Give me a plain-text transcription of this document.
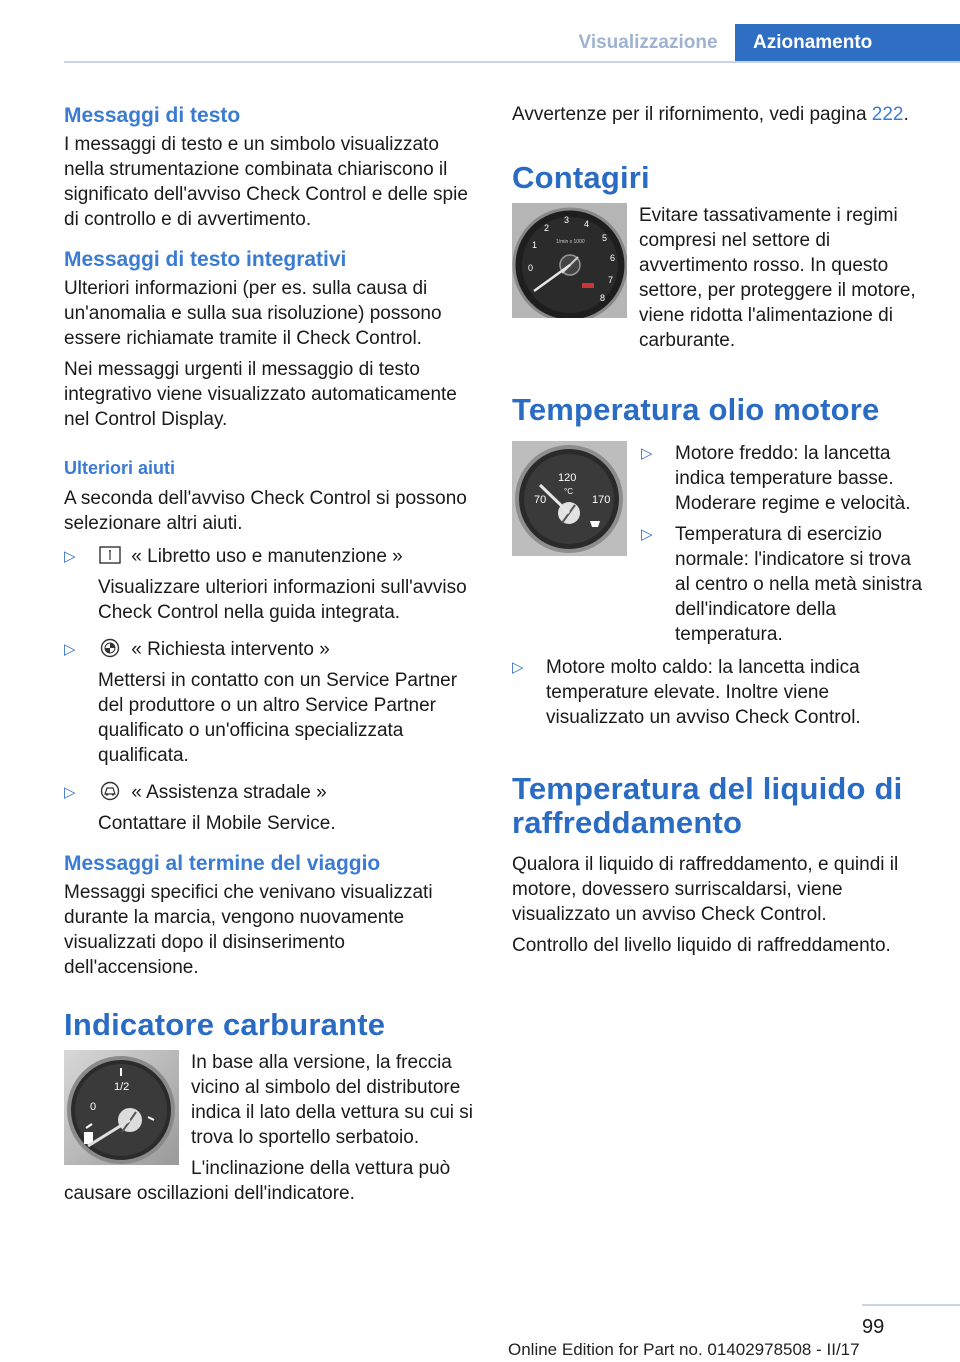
Visualizzazione	Azionamento
Messaggi di testo

I messaggi di testo e un simbolo visualizzato nella strumentazione combinata chiariscono il significato dell'avviso Check Control e delle spie di controllo e di avvertimento.

Messaggi di testo integrativi

Ulteriori informazioni (per es. sulla causa di un'anomalia e sulla sua risoluzione) possono essere richiamate tramite il Check Control.

Nei messaggi urgenti il messaggio di testo integrativo viene visualizzato automaticamente nel Control Display.

Ulteriori aiuti

A seconda dell'avviso Check Control si possono selezionare altri aiuti.

▷	« Libretto uso e manutenzione »
Visualizzare ulteriori informazioni sull'avviso Check Control nella guida integrata.
▷	« Richiesta intervento »
Mettersi in contatto con un Service Partner del produttore o un altro Service Partner qualificato o un'officina specializzata qualificata.
▷	« Assistenza stradale »
Contattare il Mobile Service.
Messaggi al termine del viaggio

Messaggi specifici che venivano visualizzati durante la marcia, vengono nuovamente visualizzati dopo il disinserimento dell'accensione.

Indicatore carburante
0
1/2

In base alla versione, la freccia vicino al simbolo del distributore indica il lato della vettura su cui si trova lo sportello serbatoio.

L'inclinazione della vettura può causare oscillazioni dell'indicatore.

Avvertenze per il rifornimento, vedi pagina 222.

Contagiri
0
1
2
3 4
5
6
7
8
1/min x 1000

Evitare tassativamente i regimi compresi nel settore di avvertimento rosso. In questo settore, per proteggere il motore, viene ridotta l'alimentazione di carburante.

Temperatura olio motore
120
°C
70	170
▷ Motore freddo: la lancetta indica temperature basse. Moderare regime e velocità.
▷ Temperatura di esercizio normale: l'indicatore si trova al centro o nella metà sinistra dell'indicatore della temperatura.
▷ Motore molto caldo: la lancetta indica temperature elevate. Inoltre viene visualizzato un avviso Check Control.
Temperatura del liquido di raffreddamento

Qualora il liquido di raffreddamento, e quindi il motore, dovessero surriscaldarsi, viene visualizzato un avviso Check Control.

Controllo del livello liquido di raffreddamento.

99
Online Edition for Part no. 01402978508 - II/17
